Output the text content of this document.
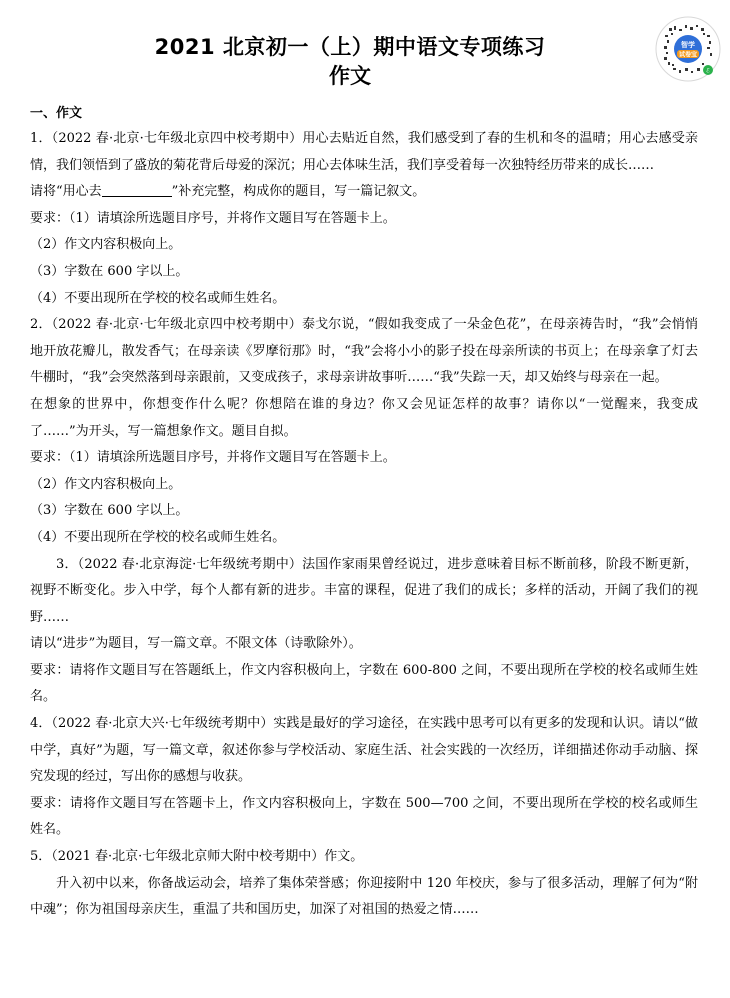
智学
试卷宝
ℰ
2021 北京初一（上）期中语文专项练习
作文
一、作文

1．（2022 春·北京·七年级北京四中校考期中）用心去贴近自然，我们感受到了春的生机和冬的温晴；用心去感受亲情，我们领悟到了盛放的菊花背后母爱的深沉；用心去体味生活，我们享受着每一次独特经历带来的成长……

请将“用心去	”补充完整，构成你的题目，写一篇记叙文。

要求：（1）请填涂所选题目序号，并将作文题目写在答题卡上。

（2）作文内容积极向上。

（3）字数在 600 字以上。

（4）不要出现所在学校的校名或师生姓名。

2．（2022 春·北京·七年级北京四中校考期中）泰戈尔说，“假如我变成了一朵金色花”，在母亲祷告时，“我”会悄悄地开放花瓣儿，散发香气；在母亲读《罗摩衍那》时，“我”会将小小的影子投在母亲所读的书页上；在母亲拿了灯去牛棚时，“我”会突然落到母亲跟前，又变成孩子，求母亲讲故事听……“我”失踪一天，却又始终与母亲在一起。

在想象的世界中，你想变作什么呢？你想陪在谁的身边？你又会见证怎样的故事？请你以“一觉醒来，我变成了……”为开头，写一篇想象作文。题目自拟。

要求：（1）请填涂所选题目序号，并将作文题目写在答题卡上。

（2）作文内容积极向上。

（3）字数在 600 字以上。

（4）不要出现所在学校的校名或师生姓名。

3．（2022 春·北京海淀·七年级统考期中）法国作家雨果曾经说过，进步意味着目标不断前移，阶段不断更新，视野不断变化。步入中学，每个人都有新的进步。丰富的课程，促进了我们的成长；多样的活动，开阔了我们的视野……

请以“进步”为题目，写一篇文章。不限文体（诗歌除外）。

要求：请将作文题目写在答题纸上，作文内容积极向上，字数在 600-800 之间，不要出现所在学校的校名或师生姓名。

4．（2022 春·北京大兴·七年级统考期中）实践是最好的学习途径，在实践中思考可以有更多的发现和认识。请以“做中学，真好”为题，写一篇文章，叙述你参与学校活动、家庭生活、社会实践的一次经历，详细描述你动手动脑、探究发现的经过，写出你的感想与收获。

要求：请将作文题目写在答题卡上，作文内容积极向上，字数在 500—700 之间，不要出现所在学校的校名或师生姓名。

5．（2021 春·北京·七年级北京师大附中校考期中）作文。

升入初中以来，你备战运动会，培养了集体荣誉感；你迎接附中 120 年校庆，参与了很多活动，理解了何为“附中魂”；你为祖国母亲庆生，重温了共和国历史，加深了对祖国的热爱之情……
